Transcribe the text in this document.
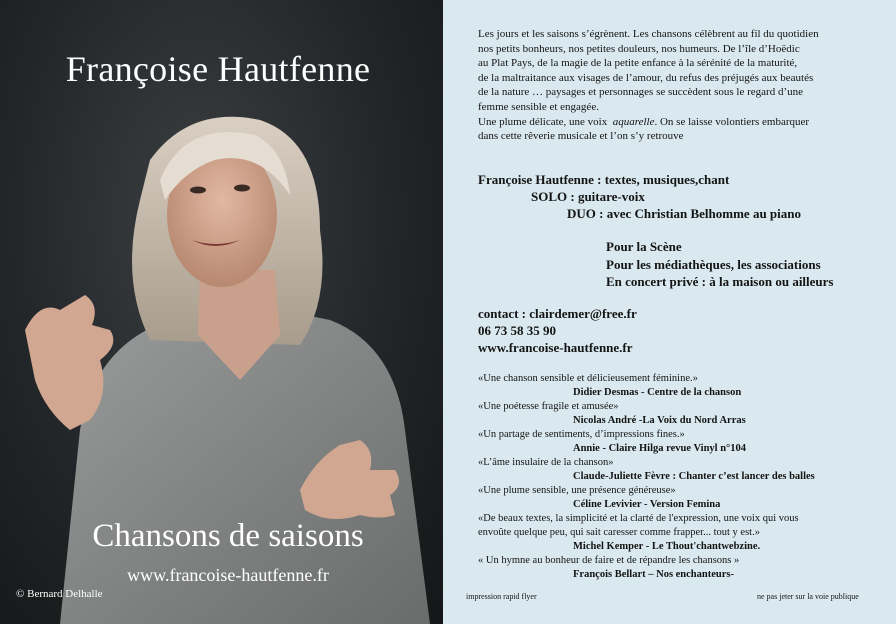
Françoise Hautfenne
Chansons de saisons
www.francoise-hautfenne.fr
© Bernard Delhalle

Les jours et les saisons s’égrènent. Les chansons célèbrent au fil du quotidien

nos petits bonheurs, nos petites douleurs, nos humeurs. De l’île d’Hoëdic

au Plat Pays, de la magie de la petite enfance à la sérénité de la maturité,

de la maltraitance aux visages de l’amour, du refus des préjugés aux beautés

de la nature … paysages et personnages se succèdent sous le regard d’une

femme sensible et engagée.

Une plume délicate, une voix aquarelle. On se laisse volontiers embarquer

dans cette rêverie musicale et l’on s’y retrouve

Françoise Hautfenne : textes, musiques,chant
SOLO : guitare-voix
DUO : avec Christian Belhomme au piano
Pour la Scène
Pour les médiathèques, les associations
En concert privé : à la maison ou ailleurs
contact : clairdemer@free.fr
06 73 58 35 90
www.francoise-hautfenne.fr

«Une chanson sensible et délicieusement féminine.»

Didier Desmas - Centre de la chanson

«Une poétesse fragile et amusée»

Nicolas André -La Voix du Nord Arras

«Un partage de sentiments, d’impressions fines.»

Annie - Claire Hilga revue Vinyl n°104

«L’âme insulaire de la chanson»

Claude-Juliette Fèvre : Chanter c’est lancer des balles

«Une plume sensible, une présence généreuse»

Céline Levivier - Version Femina

«De beaux textes, la simplicité et la clarté de l'expression, une voix qui vous

envoûte quelque peu, qui sait caresser comme frapper... tout y est.»

Michel Kemper - Le Thout'chantwebzine.

« Un hymne au bonheur de faire et de répandre les chansons »

François Bellart – Nos enchanteurs-

impression rapid flyer	ne pas jeter sur la voie publique
